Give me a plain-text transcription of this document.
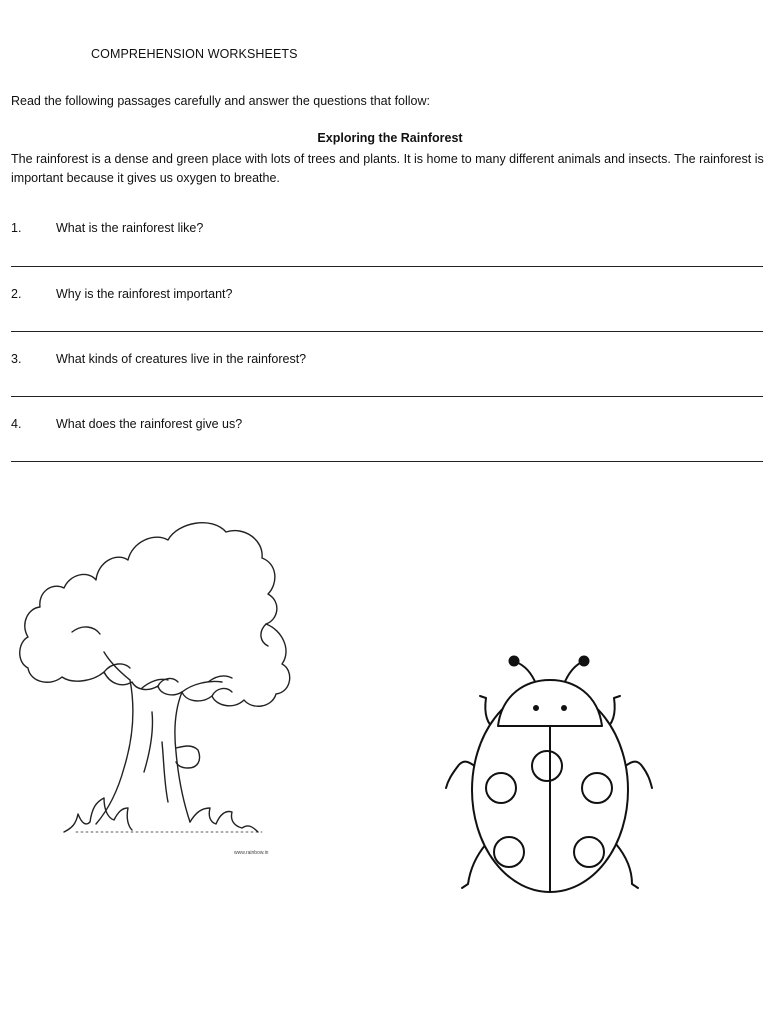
COMPREHENSION WORKSHEETS
Read the following passages carefully and answer the questions that follow:
Exploring the Rainforest
The rainforest is a dense and green place with lots of trees and plants. It is home to many different animals and insects. The rainforest is important because it gives us oxygen to breathe.
1.	What is the rainforest like?
2.	Why is the rainforest important?
3.	What kinds of creatures live in the rainforest?
4.	What does the rainforest give us?
www.rainbow.in
